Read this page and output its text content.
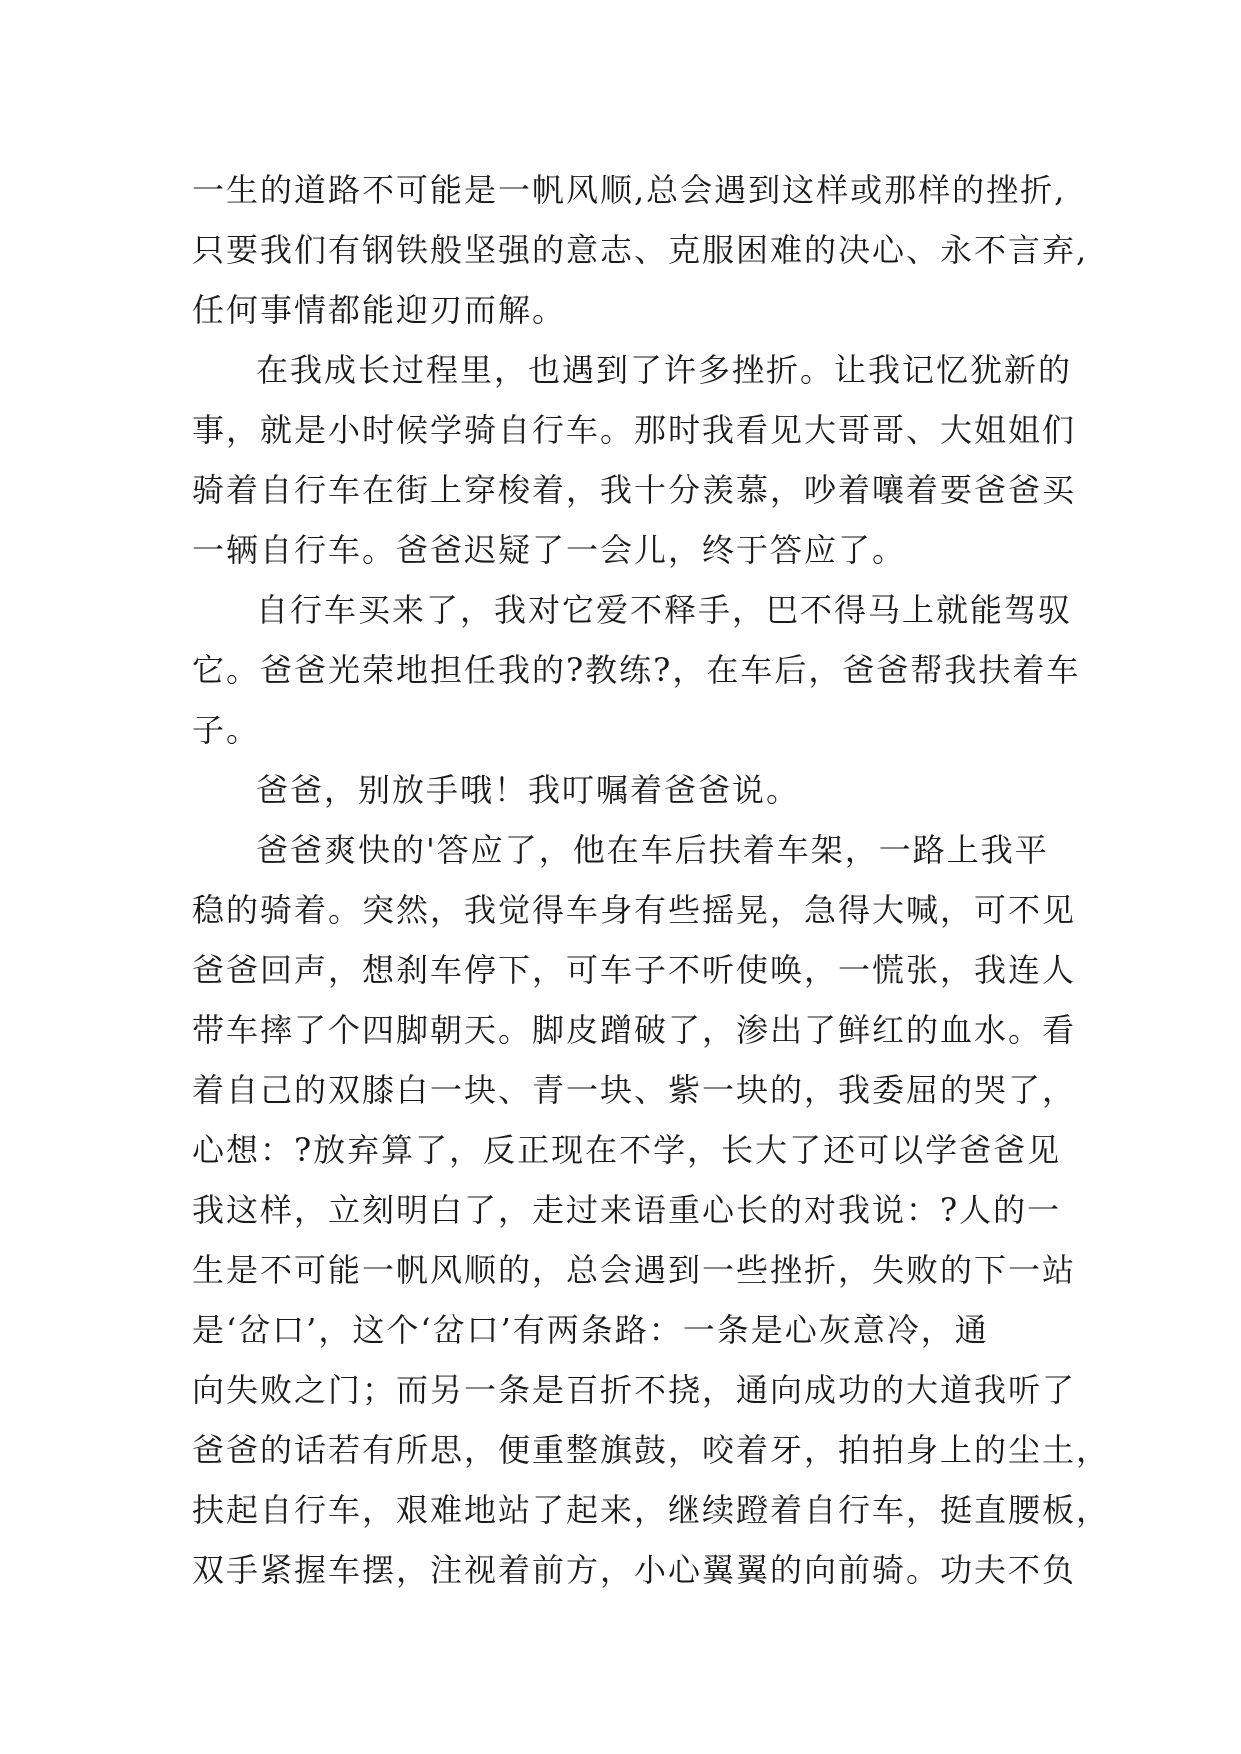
一生的道路不可能是一帆风顺,总会遇到这样或那样的挫折,
只要我们有钢铁般坚强的意志、克服困难的决心、永不言弃,
任何事情都能迎刃而解。
在我成长过程里，也遇到了许多挫折。让我记忆犹新的
事，就是小时候学骑自行车。那时我看见大哥哥、大姐姐们
骑着自行车在街上穿梭着，我十分羡慕，吵着嚷着要爸爸买
一辆自行车。爸爸迟疑了一会儿，终于答应了。
自行车买来了，我对它爱不释手，巴不得马上就能驾驭
它。爸爸光荣地担任我的?教练?，在车后，爸爸帮我扶着车
子。
爸爸，别放手哦！我叮嘱着爸爸说。
爸爸爽快的'答应了，他在车后扶着车架，一路上我平
稳的骑着。突然，我觉得车身有些摇晃，急得大喊，可不见
爸爸回声，想刹车停下，可车子不听使唤，一慌张，我连人
带车摔了个四脚朝天。脚皮蹭破了，渗出了鲜红的血水。看
着自己的双膝白一块、青一块、紫一块的，我委屈的哭了，
心想：?放弃算了，反正现在不学，长大了还可以学爸爸见
我这样，立刻明白了，走过来语重心长的对我说：?人的一
生是不可能一帆风顺的，总会遇到一些挫折，失败的下一站
是‘岔口’，这个‘岔口’有两条路：一条是心灰意冷，通
向失败之门；而另一条是百折不挠，通向成功的大道我听了
爸爸的话若有所思，便重整旗鼓，咬着牙，拍拍身上的尘土，
扶起自行车，艰难地站了起来，继续蹬着自行车，挺直腰板，
双手紧握车摆，注视着前方，小心翼翼的向前骑。功夫不负
